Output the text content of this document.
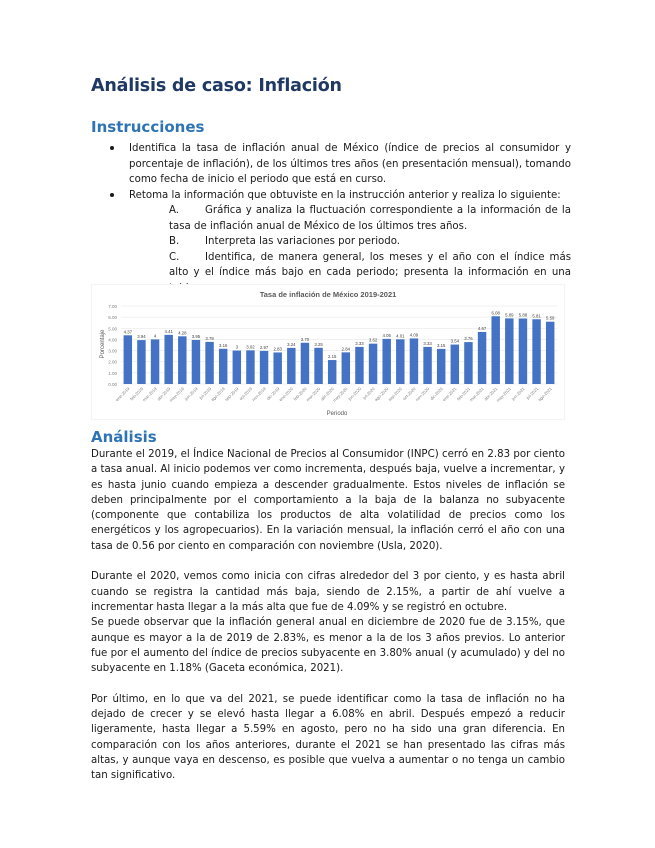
Análisis de caso: Inflación
Instrucciones
Identifica la tasa de inflación anual de México (índice de precios al consumidor y porcentaje de inflación), de los últimos tres años (en presentación mensual), tomando como fecha de inicio el periodo que está en curso.
Retoma la información que obtuviste en la instrucción anterior y realiza lo siguiente:
A.	Gráfica y analiza la fluctuación correspondiente a la información de la tasa de inflación anual de México de los últimos tres años.
B.	Interpreta las variaciones por periodo.
C.	Identifica, de manera general, los meses y el año con el índice más alto y el índice más bajo en cada periodo; presenta la información en una
Tasa de inflación de México 2019-2021
0.00
1.00
2.00
3.00
4.00
5.00
6.00
7.00
4.37
3.94 4
4.41 4.28
3.95 3.78
3.16 3 3.02 2.97 2.83
3.24
3.70
3.25
2.15
2.84
3.33
3.62
4.05 4.01 4.09
3.33 3.15
3.54 3.76
4.67
6.08 5.89 5.88 5.81 5.59
ene-2019
feb-2019
mar-2019
abr-2019
may-2019
jun-2019 jul-2019
ago-2019
sep-2019
oct-2019
nov-2019
dic-2019
ene-2020
feb-2020
mar-2020
abr-2020
may-2020
jun-2020 jul-2020
ago-2020
sep-2020
oct-2020
nov-2020
dic-2020
ene-2021
feb-2021
mar-2021
abr-2021
may-2021
jun-2021 jul-2021
ago-2021
Porcentaje
Periodo
Análisis

Durante el 2019, el Índice Nacional de Precios al Consumidor (INPC) cerró en 2.83 por ciento a tasa anual. Al inicio podemos ver como incrementa, después baja, vuelve a incrementar, y es hasta junio cuando empieza a descender gradualmente. Estos niveles de inflación se deben principalmente por el comportamiento a la baja de la balanza no subyacente (componente que contabiliza los productos de alta volatilidad de precios como los energéticos y los agropecuarios). En la variación mensual, la inflación cerró el año con una tasa de 0.56 por ciento en comparación con noviembre (Usla, 2020).

Durante el 2020, vemos como inicia con cifras alrededor del 3 por ciento, y es hasta abril cuando se registra la cantidad más baja, siendo de 2.15%, a partir de ahí vuelve a incrementar hasta llegar a la más alta que fue de 4.09% y se registró en octubre.

Se puede observar que la inflación general anual en diciembre de 2020 fue de 3.15%, que aunque es mayor a la de 2019 de 2.83%, es menor a la de los 3 años previos. Lo anterior fue por el aumento del índice de precios subyacente en 3.80% anual (y acumulado) y del no subyacente en 1.18% (Gaceta económica, 2021).

Por último, en lo que va del 2021, se puede identificar como la tasa de inflación no ha dejado de crecer y se elevó hasta llegar a 6.08% en abril. Después empezó a reducir ligeramente, hasta llegar a 5.59% en agosto, pero no ha sido una gran diferencia. En comparación con los años anteriores, durante el 2021 se han presentado las cifras más altas, y aunque vaya en descenso, es posible que vuelva a aumentar o no tenga un cambio tan significativo.
